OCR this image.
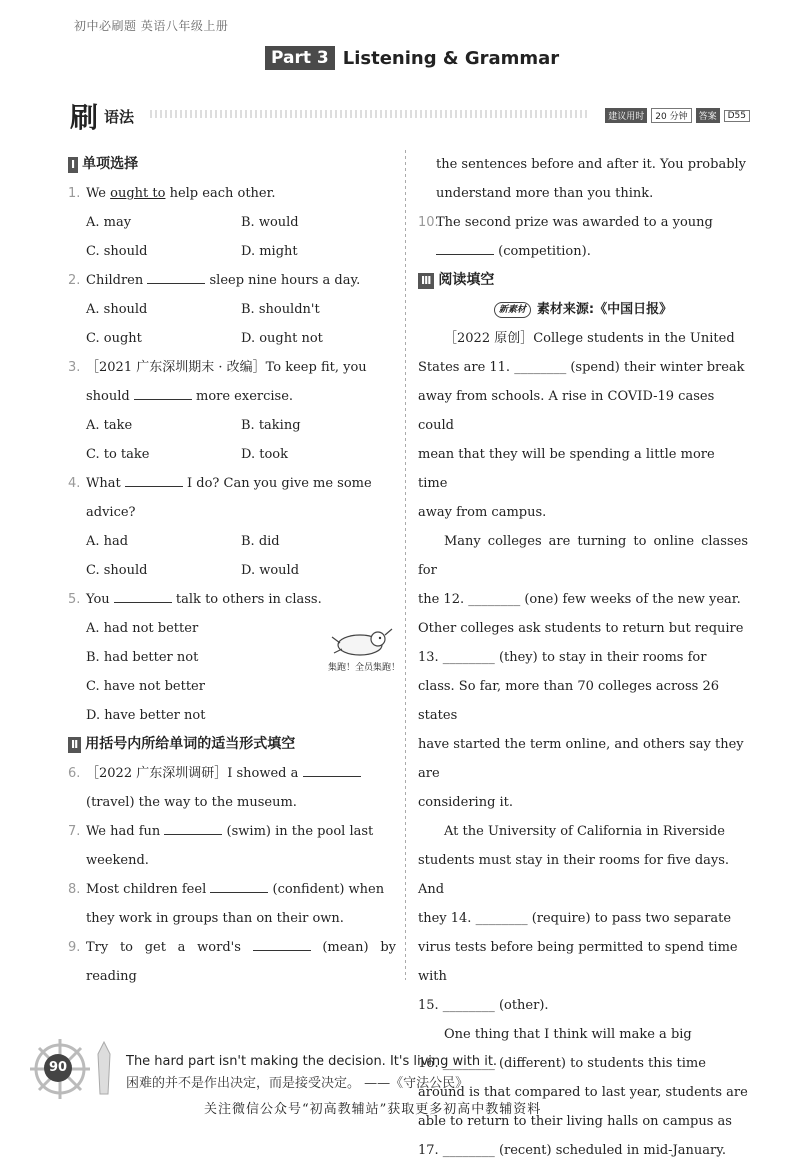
初中必刷题 英语八年级上册
Part 3 Listening & Grammar
刷 语法	建议用时	20 分钟	答案	D55
Ⅰ 单项选择
1. We ought to help each other.
A. may	B. would
C. should	D. might
2. Children	sleep nine hours a day.
A. should	B. shouldn't
C. ought	D. ought not
3. ［2021 广东深圳期末 · 改编］To keep fit, you
should	more exercise.
A. take	B. taking
C. to take	D. took
4. What	I do? Can you give me some
advice?
A. had	B. did
C. should	D. would
5. You	talk to others in class.
A. had not better
B. had better not
C. have not better
D. have better not
Ⅱ 用括号内所给单词的适当形式填空
6. ［2022 广东深圳调研］I showed a
(travel) the way to the museum.
7. We had fun	(swim) in the pool last
weekend.
8. Most children feel	(confident) when
they work in groups than on their own.
9. Try to get a word's	(mean) by reading
集跑！全员集跑！
the sentences before and after it. You probably
understand more than you think.
10.
The second prize was awarded to a young
(competition).
Ⅲ 阅读填空
新素材 素材来源:《中国日报》
［2022 原创］College students in the United
States are 11. ________ (spend) their winter break
away from schools. A rise in COVID-19 cases could
mean that they will be spending a little more time
away from campus.
Many colleges are turning to online classes for
the 12. ________ (one) few weeks of the new year.
Other colleges ask students to return but require
13. ________ (they) to stay in their rooms for
class. So far, more than 70 colleges across 26 states
have started the term online, and others say they are
considering it.
At the University of California in Riverside
students must stay in their rooms for five days. And
they 14. ________ (require) to pass two separate
virus tests before being permitted to spend time with
15. ________ (other).
One thing that I think will make a big
16. ________ (different) to students this time
around is that compared to last year, students are
able to return to their living halls on campus as
17. ________ (recent) scheduled in mid-January.
90	The hard part isn't making the decision. It's living with it.
困难的并不是作出决定，而是接受决定。 ——《守法公民》
关注微信公众号“初高教辅站”获取更多初高中教辅资料
